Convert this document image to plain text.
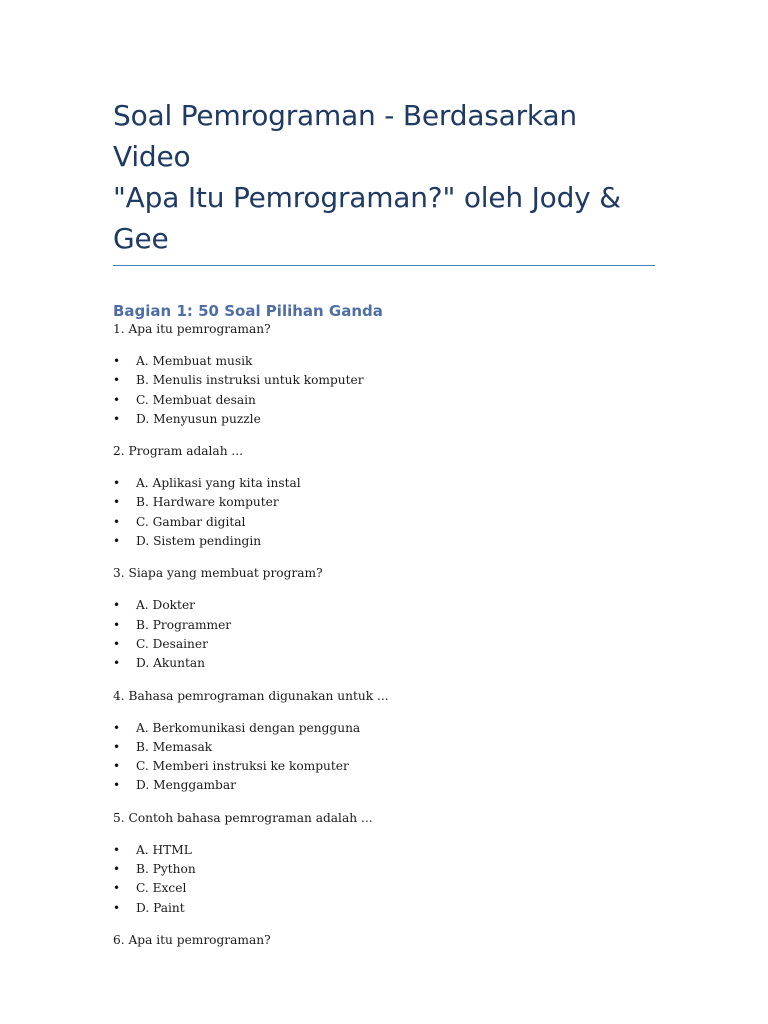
Soal Pemrograman - Berdasarkan Video
"Apa Itu Pemrograman?" oleh Jody &
Gee
Bagian 1: 50 Soal Pilihan Ganda

1. Apa itu pemrograman?

• A. Membuat musik
• B. Menulis instruksi untuk komputer
• C. Membuat desain
• D. Menyusun puzzle

2. Program adalah ...

• A. Aplikasi yang kita instal
• B. Hardware komputer
• C. Gambar digital
• D. Sistem pendingin

3. Siapa yang membuat program?

• A. Dokter
• B. Programmer
• C. Desainer
• D. Akuntan

4. Bahasa pemrograman digunakan untuk ...

• A. Berkomunikasi dengan pengguna
• B. Memasak
• C. Memberi instruksi ke komputer
• D. Menggambar

5. Contoh bahasa pemrograman adalah ...

• A. HTML
• B. Python
• C. Excel
• D. Paint

6. Apa itu pemrograman?
